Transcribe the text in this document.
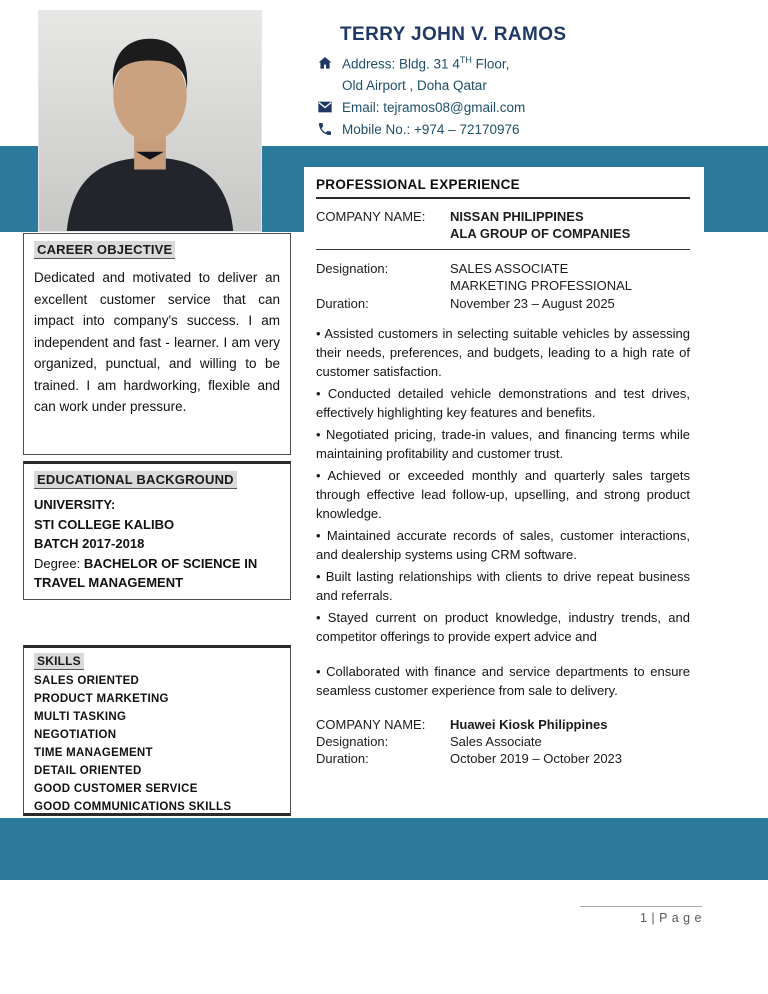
TERRY JOHN V. RAMOS
Address: Bldg. 31 4TH Floor,
Old Airport , Doha Qatar
Email: tejramos08@gmail.com
Mobile No.: +974 – 72170976
CAREER OBJECTIVE

Dedicated and motivated to deliver an excellent customer service that can impact into company's success. I am independent and fast - learner. I am very organized, punctual, and willing to be trained. I am hardworking, flexible and can work under pressure.

EDUCATIONAL BACKGROUND
UNIVERSITY:
STI COLLEGE KALIBO
BATCH 2017-2018
Degree: BACHELOR OF SCIENCE IN TRAVEL MANAGEMENT
SKILLS
SALES ORIENTED
PRODUCT MARKETING
MULTI TASKING
NEGOTIATION
TIME MANAGEMENT
DETAIL ORIENTED
GOOD CUSTOMER SERVICE
GOOD COMMUNICATIONS SKILLS
PROFESSIONAL EXPERIENCE
COMPANY NAME:	NISSAN PHILIPPINES
ALA GROUP OF COMPANIES
Designation:	SALES ASSOCIATE
MARKETING PROFESSIONAL
Duration:	November 23 – August 2025
• Assisted customers in selecting suitable vehicles by assessing their needs, preferences, and budgets, leading to a high rate of customer satisfaction.
• Conducted detailed vehicle demonstrations and test drives, effectively highlighting key features and benefits.
• Negotiated pricing, trade-in values, and financing terms while maintaining profitability and customer trust.
• Achieved or exceeded monthly and quarterly sales targets through effective lead follow-up, upselling, and strong product knowledge.
• Maintained accurate records of sales, customer interactions, and dealership systems using CRM software.
• Built lasting relationships with clients to drive repeat business and referrals.
• Stayed current on product knowledge, industry trends, and competitor offerings to provide expert advice and
• Collaborated with finance and service departments to ensure seamless customer experience from sale to delivery.
COMPANY NAME:	Huawei Kiosk Philippines
Designation:	Sales Associate
Duration:	October 2019 – October 2023
1 | P a g e
